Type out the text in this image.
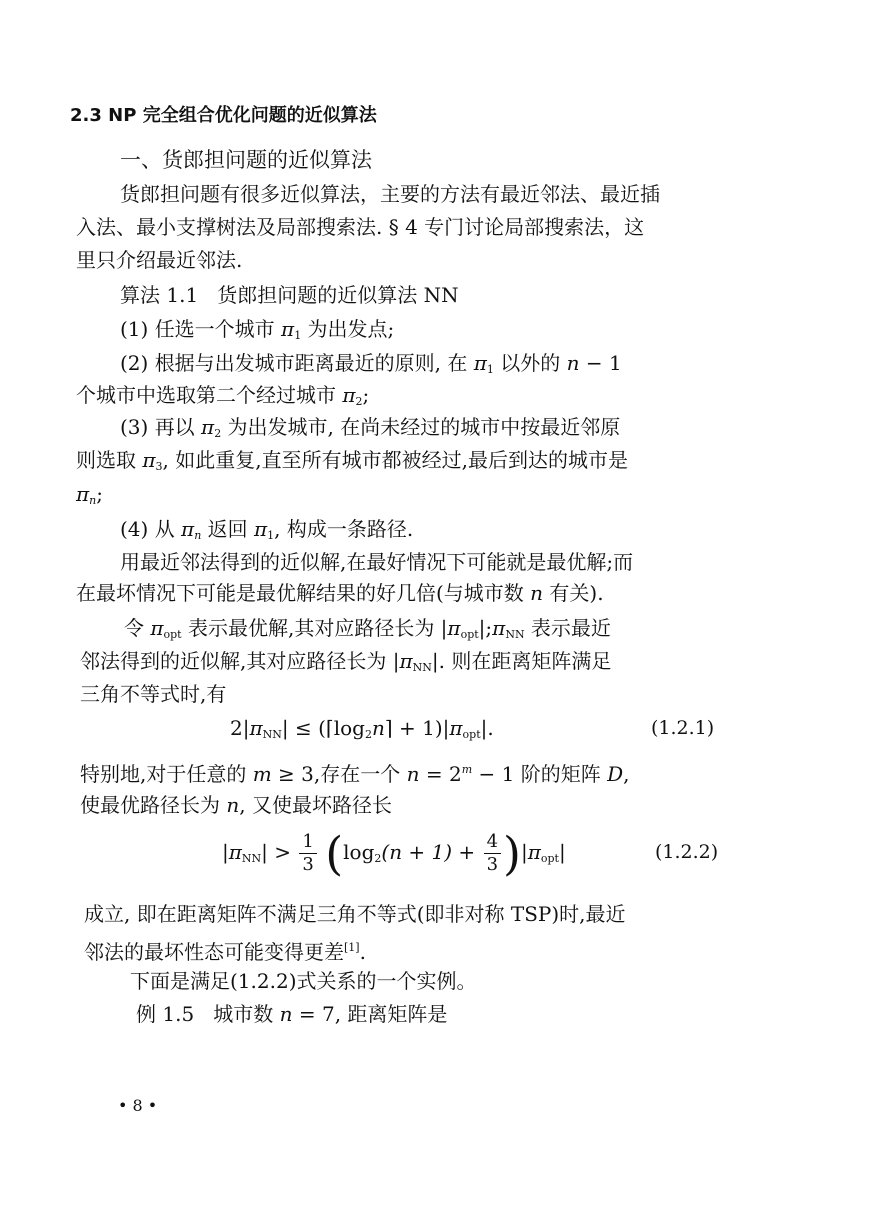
2.3 NP 完全组合优化问题的近似算法
一、货郎担问题的近似算法
货郎担问题有很多近似算法，主要的方法有最近邻法、最近插
入法、最小支撑树法及局部搜索法. § 4 专门讨论局部搜索法，这
里只介绍最近邻法.
算法 1.1 货郎担问题的近似算法 NN
(1) 任选一个城市 $\pi_1$ 为出发点;
(2) 根据与出发城市距离最近的原则, 在 $\pi_1$ 以外的 n − 1
个城市中选取第二个经过城市 $\pi_2$;
(3) 再以 $\pi_2$ 为出发城市, 在尚未经过的城市中按最近邻原
则选取 $\pi_3$, 如此重复,直至所有城市都被经过,最后到达的城市是
$\pi_n$;
(4) 从 $\pi_n$ 返回 $\pi_1$, 构成一条路径.
用最近邻法得到的近似解,在最好情况下可能就是最优解;而
在最坏情况下可能是最优解结果的好几倍(与城市数 n 有关).
令 $\pi_{opt}$ 表示最优解,其对应路径长为 $|\pi_{opt}|;\pi_{NN}$ 表示最近
邻法得到的近似解,其对应路径长为 $|\pi_{NN}|$. 则在距离矩阵满足
三角不等式时,有
$2|\pi_{NN}|$ ≤ $(⌈\log_2n⌉ + 1)|\pi_{opt}|$.	(1.2.1)
特别地,对于任意的 m ≥ 3,存在一个 $n = 2^m - 1$ 阶的矩阵 D,
使最优路径长为 n, 又使最坏路径长
$|\pi_{NN}| > \frac{1}{3} (\log_2(n + 1) + \frac{4}{3} )|\pi_{opt}|$	(1.2.2)
成立, 即在距离矩阵不满足三角不等式(即非对称 TSP)时,最近
邻法的最坏性态可能变得更差[1].
下面是满足(1.2.2)式关系的一个实例。
例 1.5 城市数 n = 7, 距离矩阵是
• 8 •
